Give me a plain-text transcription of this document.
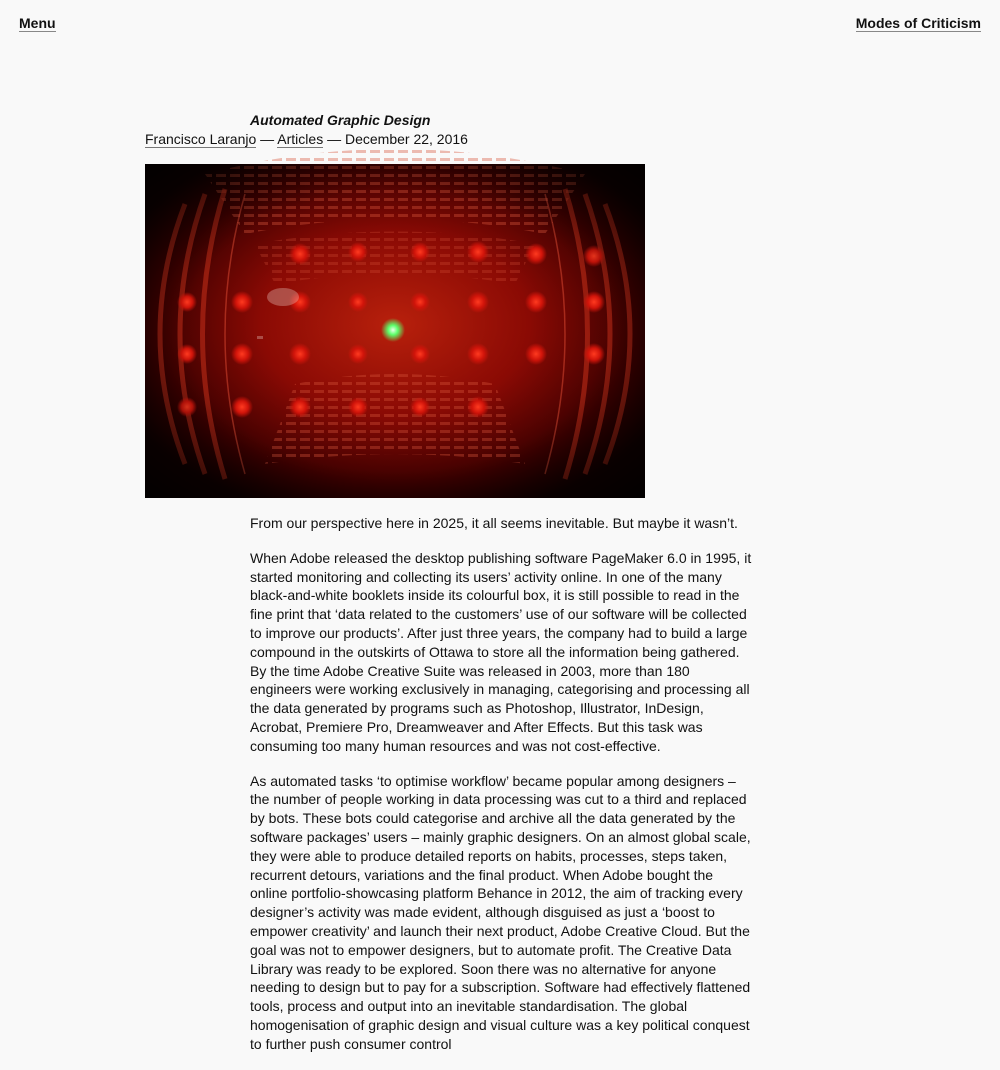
Menu	Modes of Criticism
Automated Graphic Design
Francisco Laranjo — Articles — December 22, 2016

From our perspective here in 2025, it all seems inevitable. But maybe it wasn’t.

When Adobe released the desktop publishing software PageMaker 6.0 in 1995, it started monitoring and collecting its users’ activity online. In one of the many black-and-white booklets inside its colourful box, it is still possible to read in the fine print that ‘data related to the customers’ use of our software will be collected to improve our products’. After just three years, the company had to build a large compound in the outskirts of Ottawa to store all the information being gathered. By the time Adobe Creative Suite was released in 2003, more than 180 engineers were working exclusively in managing, categorising and processing all the data generated by programs such as Photoshop, Illustrator, InDesign, Acrobat, Premiere Pro, Dreamweaver and After Effects. But this task was consuming too many human resources and was not cost-effective.

As automated tasks ‘to optimise workflow’ became popular among designers – the number of people working in data processing was cut to a third and replaced by bots. These bots could categorise and archive all the data generated by the software packages’ users – mainly graphic designers. On an almost global scale, they were able to produce detailed reports on habits, processes, steps taken, recurrent detours, variations and the final product. When Adobe bought the online portfolio-showcasing platform Behance in 2012, the aim of tracking every designer’s activity was made evident, although disguised as just a ‘boost to empower creativity’ and launch their next product, Adobe Creative Cloud. But the goal was not to empower designers, but to automate profit. The Creative Data Library was ready to be explored. Soon there was no alternative for anyone needing to design but to pay for a subscription. Software had effectively flattened tools, process and output into an inevitable standardisation. The global homogenisation of graphic design and visual culture was a key political conquest to further push consumer control
